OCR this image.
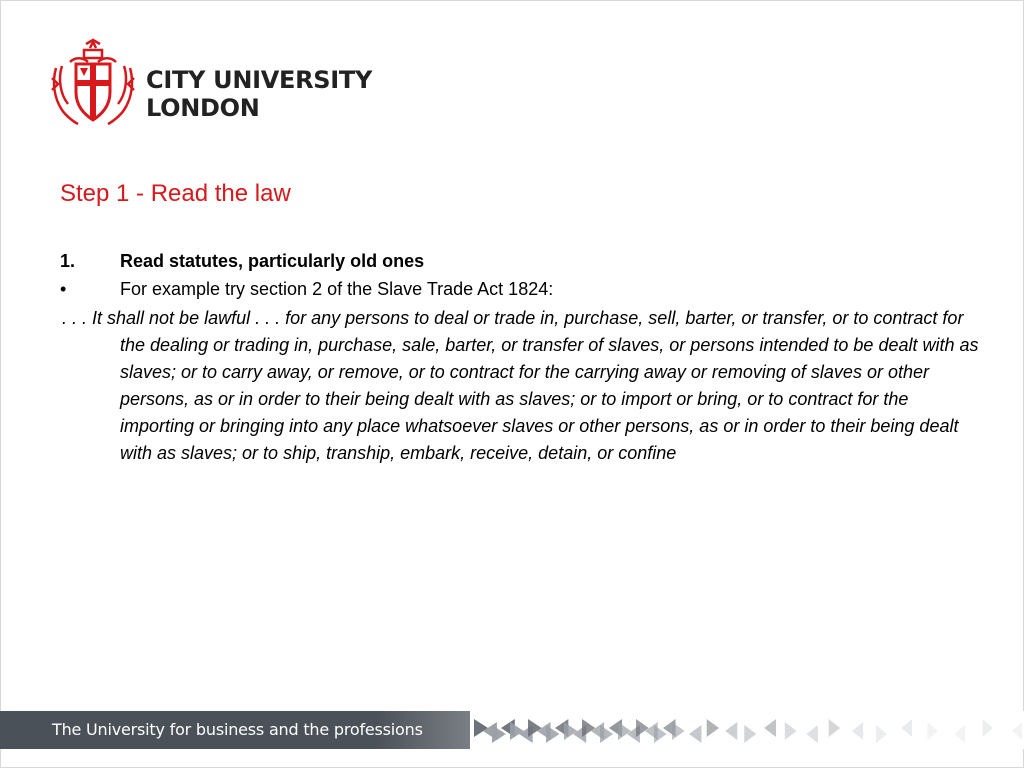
CITY UNIVERSITY
LONDON
Step 1 - Read the law
1. Read statutes, particularly old ones
•	For example try section 2 of the Slave Trade Act 1824:
. . . It shall not be lawful . . . for any persons to deal or trade in, purchase, sell, barter, or transfer, or to contract for the dealing or trading in, purchase, sale, barter, or transfer of slaves, or persons intended to be dealt with as slaves; or to carry away, or remove, or to contract for the carrying away or removing of slaves or other persons, as or in order to their being dealt with as slaves; or to import or bring, or to contract for the importing or bringing into any place whatsoever slaves or other persons, as or in order to their being dealt with as slaves; or to ship, tranship, embark, receive, detain, or confine
The University for business and the professions
